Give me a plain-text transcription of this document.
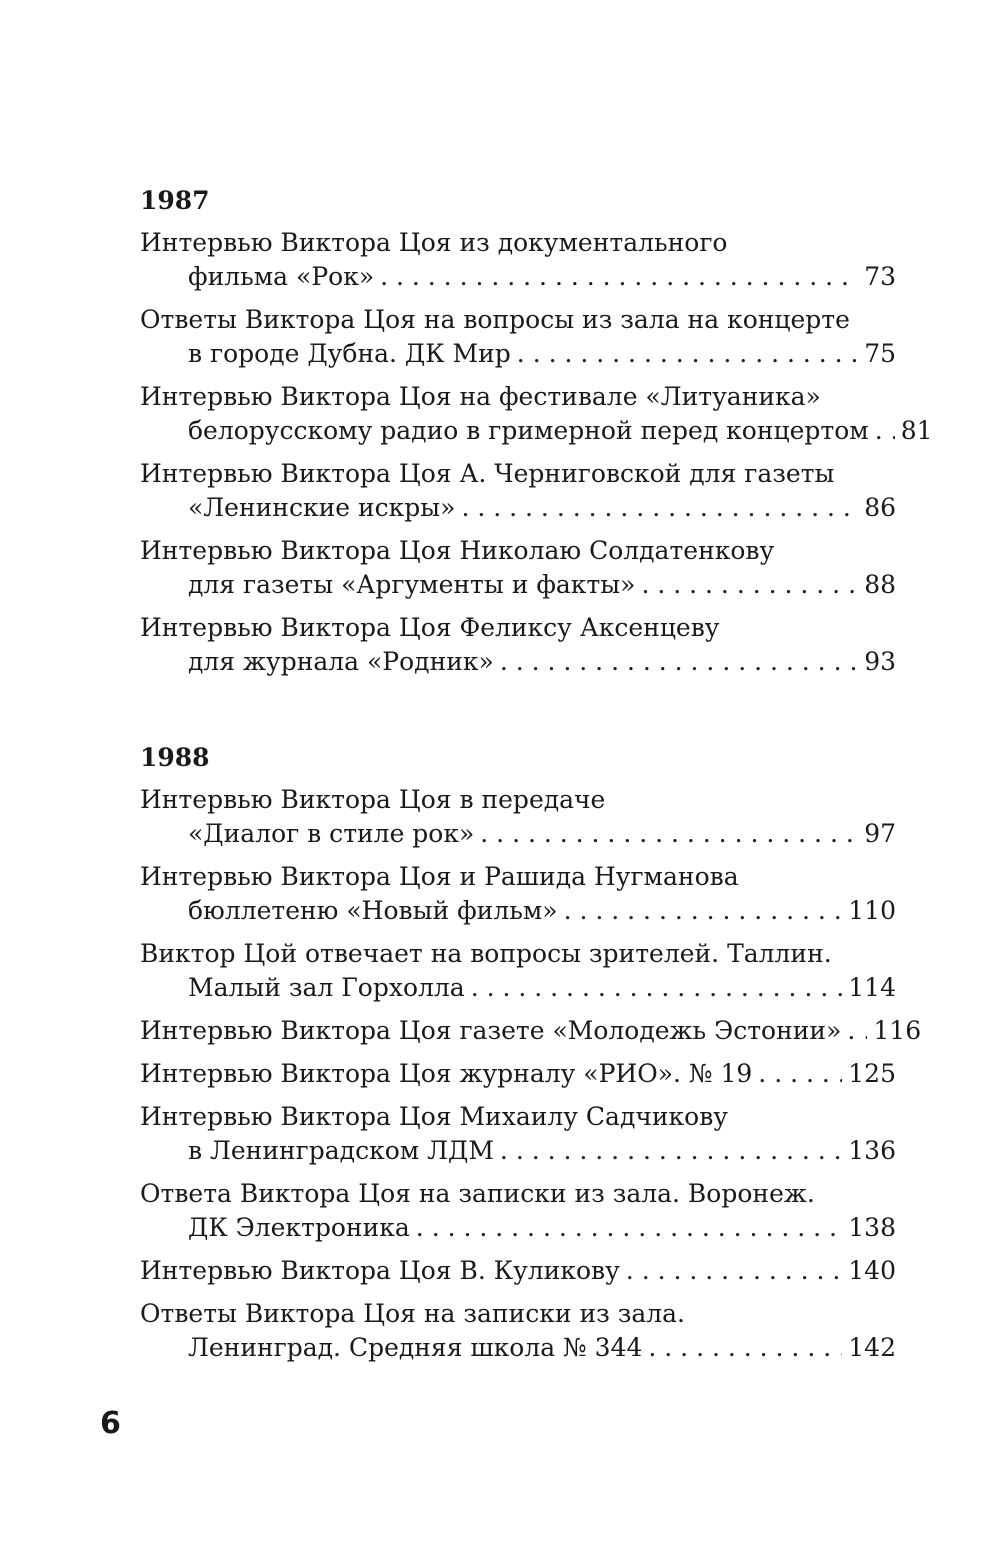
1987
Интервью Виктора Цоя из документального
фильма «Рок» . . .	73
Ответы Виктора Цоя на вопросы из зала на концерте
в городе Дубна. ДК Мир . . .	75
Интервью Виктора Цоя на фестивале «Литуаника»
белорусскому радио в гримерной перед концертом . . . 81
Интервью Виктора Цоя А. Черниговской для газеты
«Ленинские искры» . . .	86
Интервью Виктора Цоя Николаю Солдатенкову
для газеты «Аргументы и факты» . . .	88
Интервью Виктора Цоя Феликсу Аксенцеву
для журнала «Родник» . . .	93
1988
Интервью Виктора Цоя в передаче
«Диалог в стиле рок» . . .	97
Интервью Виктора Цоя и Рашида Нугманова
бюллетеню «Новый фильм» . . .	110
Виктор Цой отвечает на вопросы зрителей. Таллин.
Малый зал Горхолла . . .	114
Интервью Виктора Цоя газете «Молодежь Эстонии» . . . 116
Интервью Виктора Цоя журналу «РИО». № 19 . . .	125
Интервью Виктора Цоя Михаилу Садчикову
в Ленинградском ЛДМ . . .	136
Ответа Виктора Цоя на записки из зала. Воронеж.
ДК Электроника . . .	138
Интервью Виктора Цоя В. Куликову . . .	140
Ответы Виктора Цоя на записки из зала.
Ленинград. Средняя школа № 344 . . .	142
6
